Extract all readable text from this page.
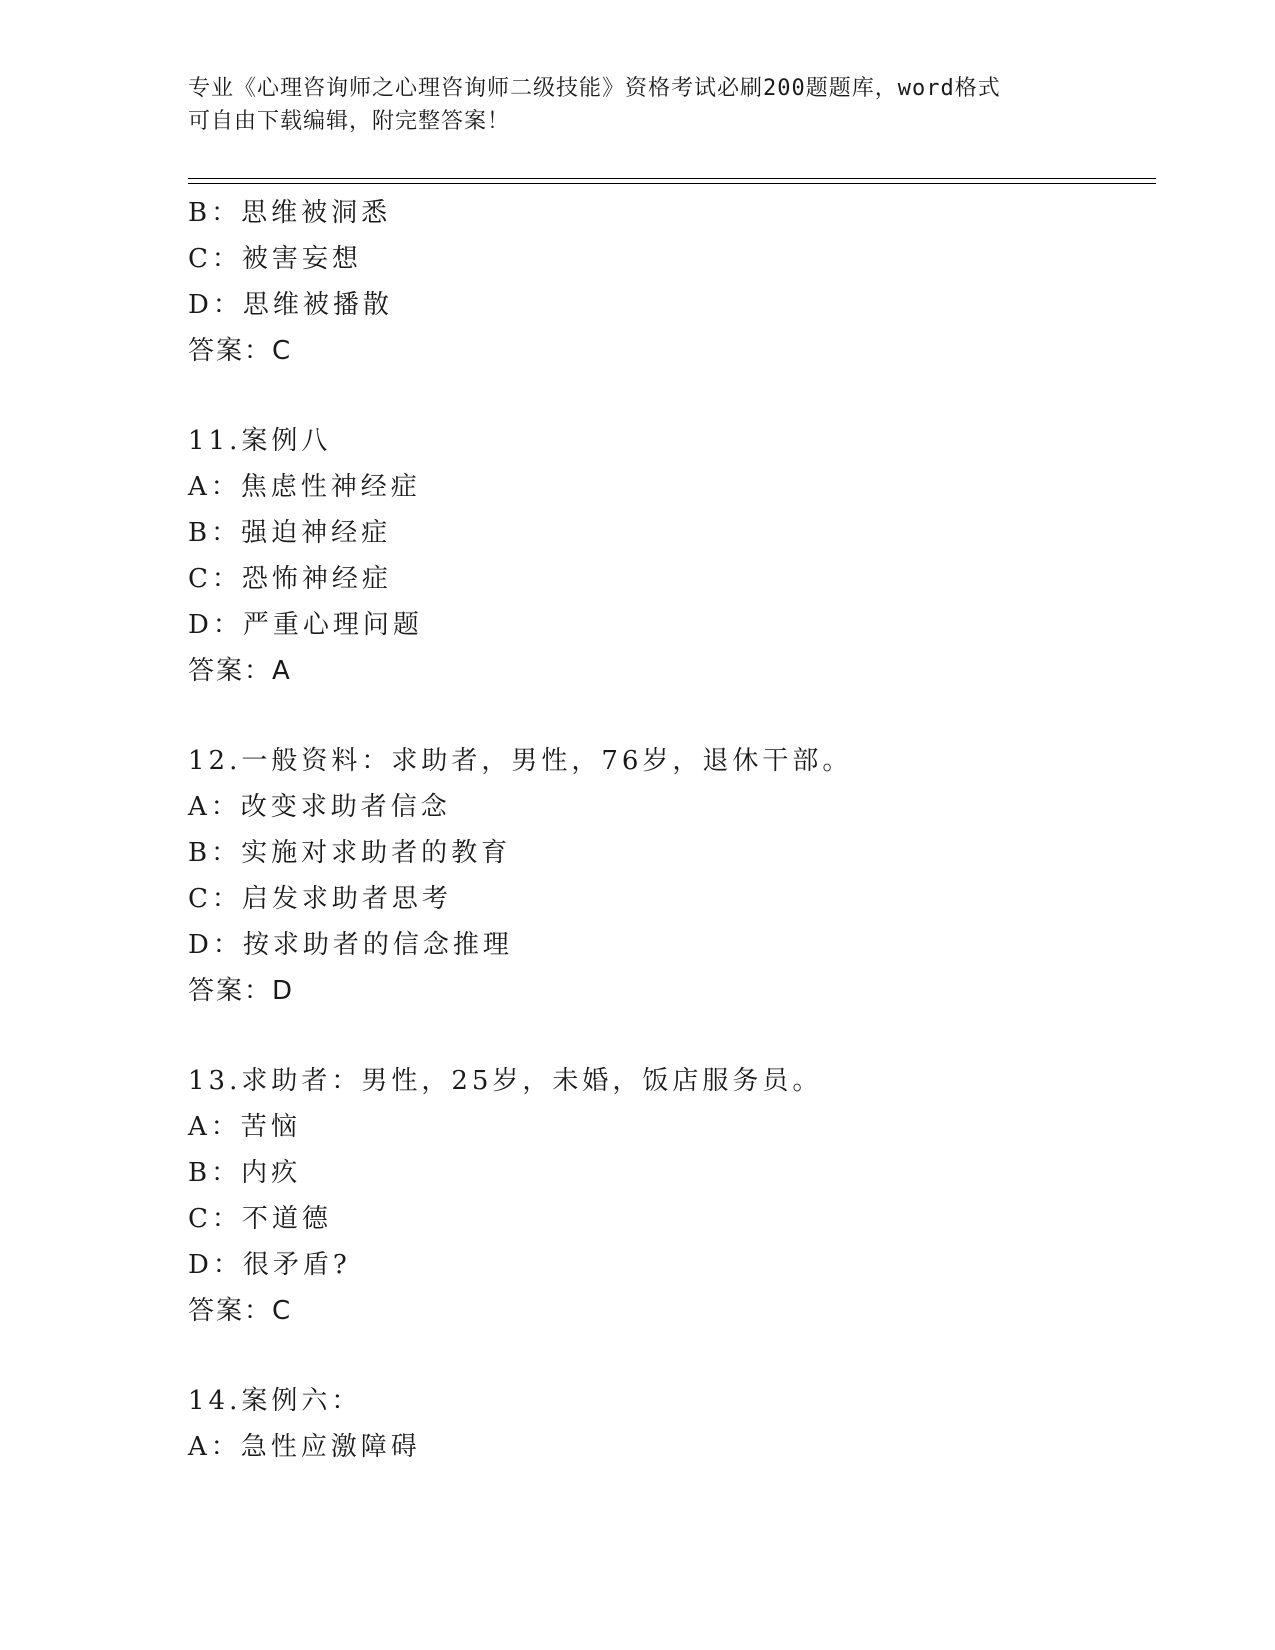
专业《心理咨询师之心理咨询师二级技能》资格考试必刷200题题库，word格式
可自由下载编辑，附完整答案！
B：思维被洞悉
C：被害妄想
D：思维被播散
答案：C
11.案例八
A：焦虑性神经症
B：强迫神经症
C：恐怖神经症
D：严重心理问题
答案：A
12.一般资料：求助者，男性，76岁，退休干部。
A：改变求助者信念
B：实施对求助者的教育
C：启发求助者思考
D：按求助者的信念推理
答案：D
13.求助者：男性，25岁，未婚，饭店服务员。
A：苦恼
B：内疚
C：不道德
D：很矛盾?
答案：C
14.案例六：
A：急性应激障碍
